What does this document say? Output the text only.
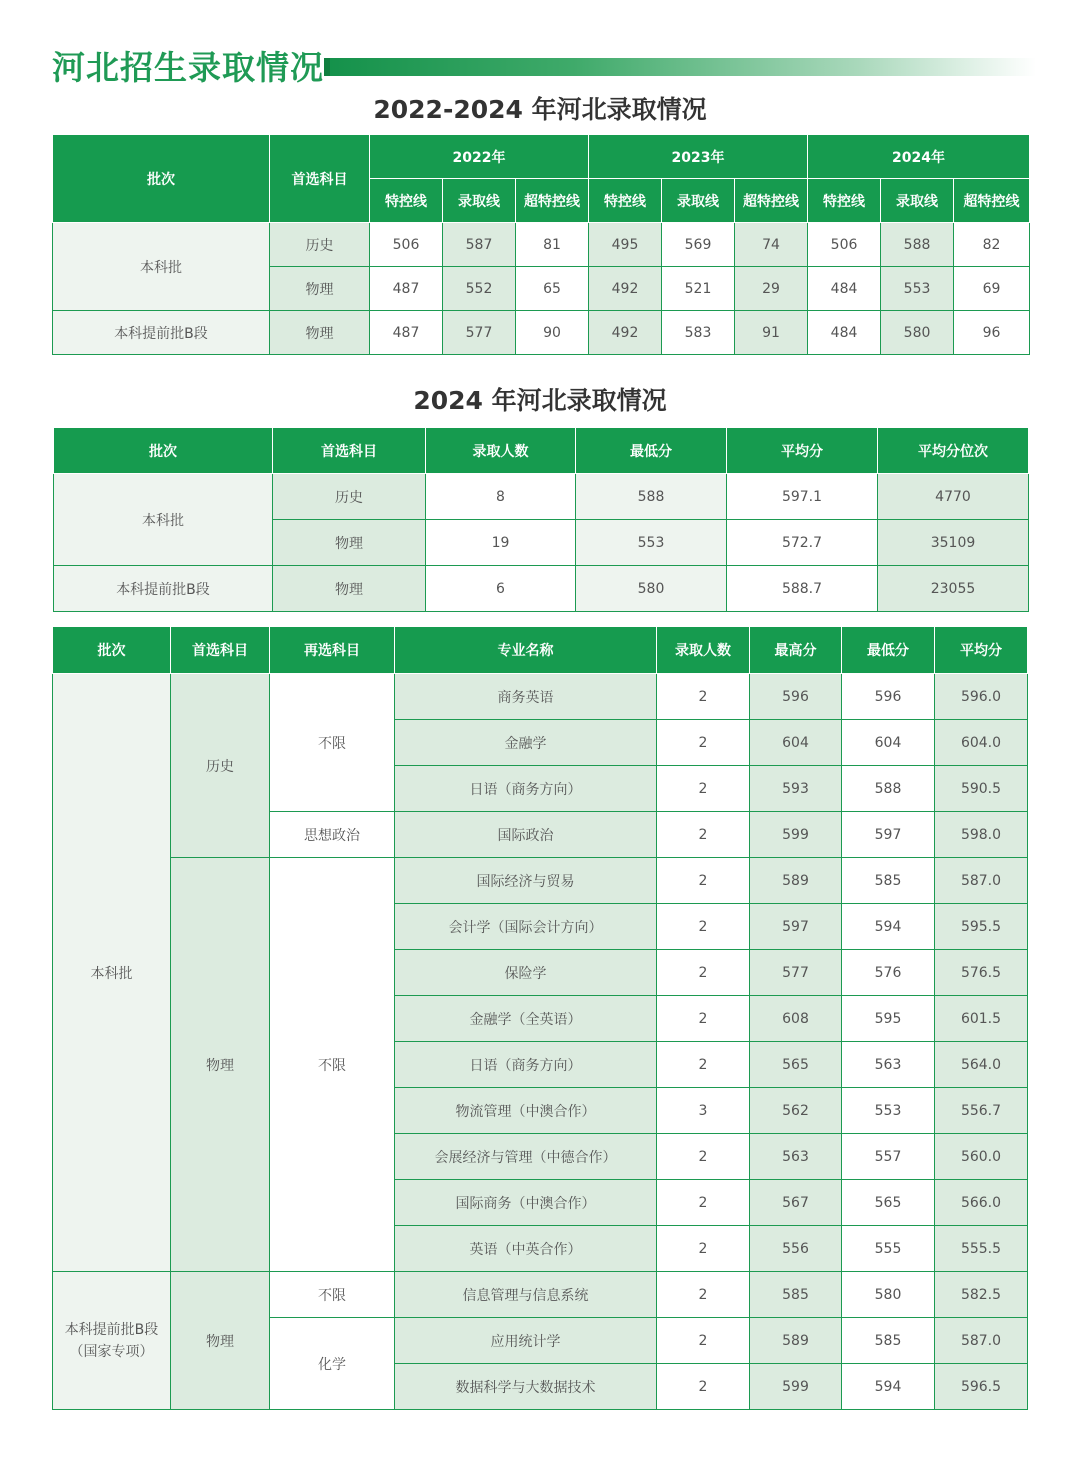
河北招生录取情况
2022-2024 年河北录取情况
批次	首选科目	2022年			2023年			2024年		
		特控线	录取线	超特控线	特控线	录取线	超特控线	特控线	录取线	超特控线
本科批	历史	506	587	81	495	569	74	506	588	82
	物理	487	552	65	492	521	29	484	553	69
本科提前批B段	物理	487	577	90	492	583	91	484	580	96
2024 年河北录取情况
批次	首选科目	录取人数	最低分	平均分	平均分位次
本科批	历史	8	588	597.1	4770
	物理	19	553	572.7	35109
本科提前批B段	物理	6	580	588.7	23055
批次	首选科目	再选科目	专业名称	录取人数	最高分	最低分	平均分
本科批	历史	不限	商务英语	2	596	596	596.0
			金融学	2	604	604	604.0
			日语（商务方向）	2	593	588	590.5
		思想政治	国际政治	2	599	597	598.0
	物理	不限	国际经济与贸易	2	589	585	587.0
			会计学（国际会计方向）	2	597	594	595.5
			保险学	2	577	576	576.5
			金融学（全英语）	2	608	595	601.5
			日语（商务方向）	2	565	563	564.0
			物流管理（中澳合作）	3	562	553	556.7
			会展经济与管理（中德合作）	2	563	557	560.0
			国际商务（中澳合作）	2	567	565	566.0
			英语（中英合作）	2	556	555	555.5
本科提前批B段
（国家专项）	物理	不限	信息管理与信息系统	2	585	580	582.5
		化学	应用统计学	2	589	585	587.0
			数据科学与大数据技术	2	599	594	596.5
